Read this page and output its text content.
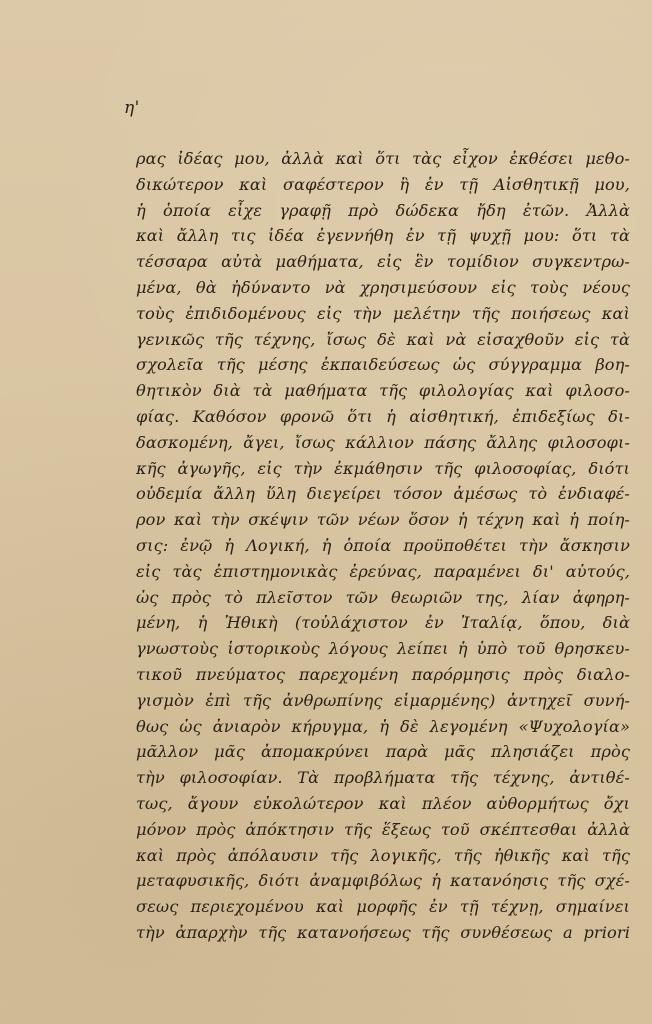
η'
ρας ἰδέας μου, ἀλλὰ καὶ ὅτι τὰς εἶχον ἐκθέσει μεθο-
δικώτερον καὶ σαφέστερον ἢ ἐν τῇ Αἰσθητικῇ μου,
ἡ ὁποία εἶχε γραφῇ πρὸ δώδεκα ἤδη ἐτῶν. Ἀλλὰ
καὶ ἄλλη τις ἰδέα ἐγεννήθη ἐν τῇ ψυχῇ μου: ὅτι τὰ
τέσσαρα αὐτὰ μαθήματα, εἰς ἓν τομίδιον συγκεντρω-
μένα, θὰ ἠδύναντο νὰ χρησιμεύσουν εἰς τοὺς νέους
τοὺς ἐπιδιδομένους εἰς τὴν μελέτην τῆς ποιήσεως καὶ
γενικῶς τῆς τέχνης, ἴσως δὲ καὶ νὰ εἰσαχθοῦν εἰς τὰ
σχολεῖα τῆς μέσης ἐκπαιδεύσεως ὡς σύγγραμμα βοη-
θητικὸν διὰ τὰ μαθήματα τῆς φιλολογίας καὶ φιλοσο-
φίας. Καθόσον φρονῶ ὅτι ἡ αἰσθητική, ἐπιδεξίως δι-
δασκομένη, ἄγει, ἴσως κάλλιον πάσης ἄλλης φιλοσοφι-
κῆς ἀγωγῆς, εἰς τὴν ἐκμάθησιν τῆς φιλοσοφίας, διότι
οὐδεμία ἄλλη ὕλη διεγείρει τόσον ἀμέσως τὸ ἐνδιαφέ-
ρον καὶ τὴν σκέψιν τῶν νέων ὅσον ἡ τέχνη καὶ ἡ ποίη-
σις: ἐνῷ ἡ Λογική, ἡ ὁποία προϋποθέτει τὴν ἄσκησιν
εἰς τὰς ἐπιστημονικὰς ἐρεύνας, παραμένει δι' αὐτούς,
ὡς πρὸς τὸ πλεῖστον τῶν θεωριῶν της, λίαν ἀφηρη-
μένη, ἡ Ἠθικὴ (τοὐλάχιστον ἐν Ἰταλίᾳ, ὅπου, διὰ
γνωστοὺς ἱστορικοὺς λόγους λείπει ἡ ὑπὸ τοῦ θρησκευ-
τικοῦ πνεύματος παρεχομένη παρόρμησις πρὸς διαλο-
γισμὸν ἐπὶ τῆς ἀνθρωπίνης εἱμαρμένης) ἀντηχεῖ συνή-
θως ὡς ἀνιαρὸν κήρυγμα, ἡ δὲ λεγομένη «Ψυχολογία»
μᾶλλον μᾶς ἀπομακρύνει παρὰ μᾶς πλησιάζει πρὸς
τὴν φιλοσοφίαν. Τὰ προβλήματα τῆς τέχνης, ἀντιθέ-
τως, ἄγουν εὐκολώτερον καὶ πλέον αὐθορμήτως ὄχι
μόνον πρὸς ἀπόκτησιν τῆς ἕξεως τοῦ σκέπτεσθαι ἀλλὰ
καὶ πρὸς ἀπόλαυσιν τῆς λογικῆς, τῆς ἠθικῆς καὶ τῆς
μεταφυσικῆς, διότι ἀναμφιβόλως ἡ κατανόησις τῆς σχέ-
σεως περιεχομένου καὶ μορφῆς ἐν τῇ τέχνῃ, σημαίνει
τὴν ἀπαρχὴν τῆς κατανοήσεως τῆς συνθέσεως a priori
